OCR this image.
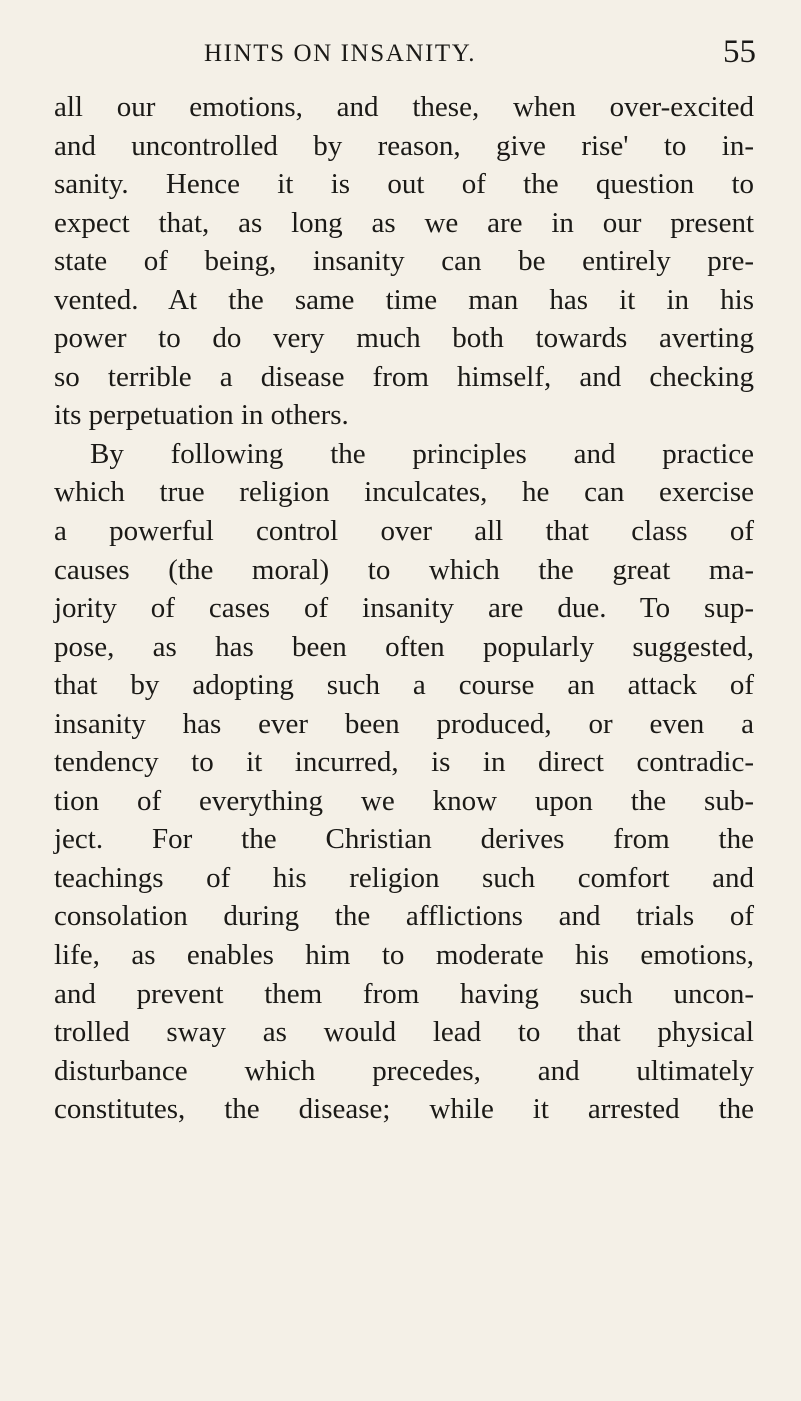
HINTS ON INSANITY.	55
all our emotions, and these, when over-excited
and uncontrolled by reason, give rise' to in-
sanity. Hence it is out of the question to
expect that, as long as we are in our present
state of being, insanity can be entirely pre-
vented. At the same time man has it in his
power to do very much both towards averting
so terrible a disease from himself, and checking
its perpetuation in others.
By following the principles and practice
which true religion inculcates, he can exercise
a powerful control over all that class of
causes (the moral) to which the great ma-
jority of cases of insanity are due. To sup-
pose, as has been often popularly suggested,
that by adopting such a course an attack of
insanity has ever been produced, or even a
tendency to it incurred, is in direct contradic-
tion of everything we know upon the sub-
ject. For the Christian derives from the
teachings of his religion such comfort and
consolation during the afflictions and trials of
life, as enables him to moderate his emotions,
and prevent them from having such uncon-
trolled sway as would lead to that physical
disturbance which precedes, and ultimately
constitutes, the disease; while it arrested the
